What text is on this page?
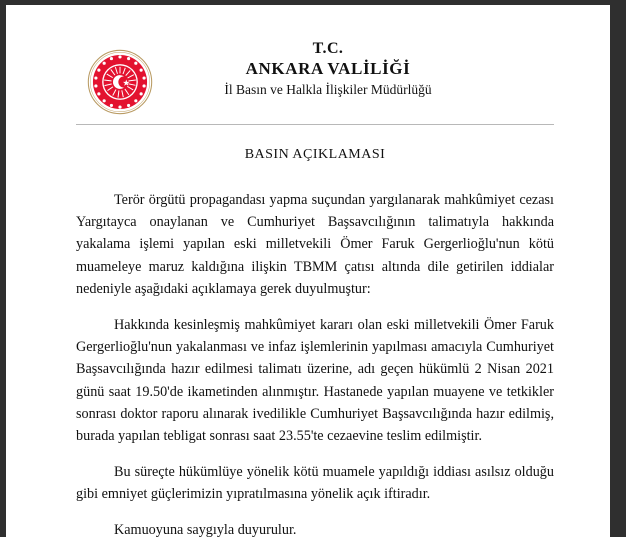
T.C.
ANKARA VALİLİĞİ
İl Basın ve Halkla İlişkiler Müdürlüğü
BASIN AÇIKLAMASI

Terör örgütü propagandası yapma suçundan yargılanarak mahkûmiyet cezası Yargıtayca onaylanan ve Cumhuriyet Başsavcılığının talimatıyla hakkında yakalama işlemi yapılan eski milletvekili Ömer Faruk Gergerlioğlu'nun kötü muameleye maruz kaldığına ilişkin TBMM çatısı altında dile getirilen iddialar nedeniyle aşağıdaki açıklamaya gerek duyulmuştur:

Hakkında kesinleşmiş mahkûmiyet kararı olan eski milletvekili Ömer Faruk Gergerlioğlu'nun yakalanması ve infaz işlemlerinin yapılması amacıyla Cumhuriyet Başsavcılığında hazır edilmesi talimatı üzerine, adı geçen hükümlü 2 Nisan 2021 günü saat 19.50'de ikametinden alınmıştır. Hastanede yapılan muayene ve tetkikler sonrası doktor raporu alınarak ivedilikle Cumhuriyet Başsavcılığında hazır edilmiş, burada yapılan tebligat sonrası saat 23.55'te cezaevine teslim edilmiştir.

Bu süreçte hükümlüye yönelik kötü muamele yapıldığı iddiası asılsız olduğu gibi emniyet güçlerimizin yıpratılmasına yönelik açık iftiradır.

Kamuoyuna saygıyla duyurulur.
